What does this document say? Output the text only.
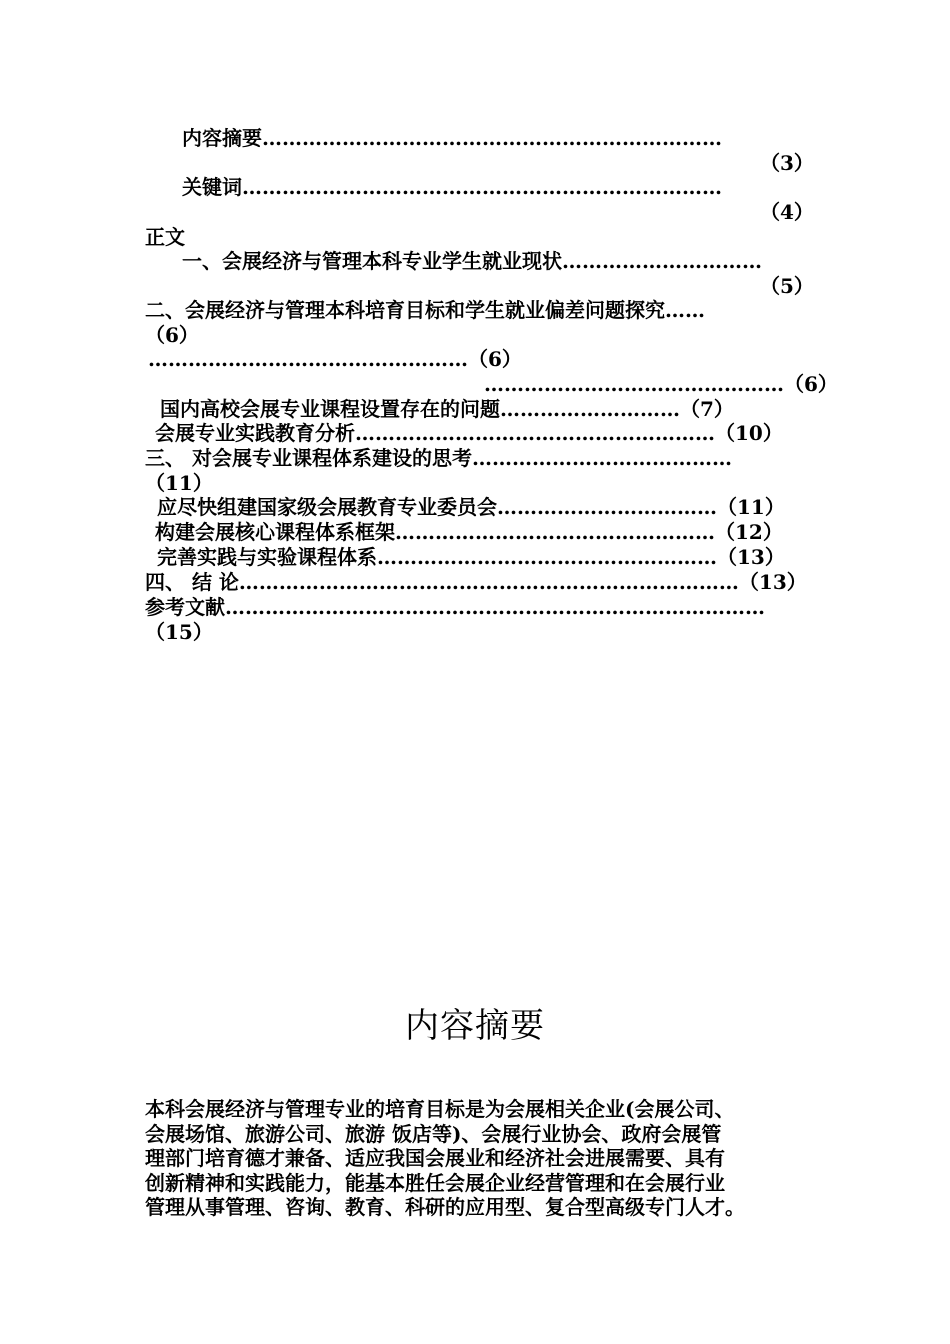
内容摘要……………………………………………………………
（3）
关键词………………………………………………………………
（4）
正文
一、会展经济与管理本科专业学生就业现状…………………………
（5）
二、会展经济与管理本科培育目标和学生就业偏差问题探究……
（6）
…………………………………………（6）
………………………………………（6）
国内高校会展专业课程设置存在的问题………………………（7）
会展专业实践教育分析………………………………………………（10）
三、 对会展专业课程体系建设的思考…………………………………
（11）
应尽快组建国家级会展教育专业委员会……………………………（11）
构建会展核心课程体系框架…………………………………………（12）
完善实践与实验课程体系……………………………………………（13）
四、 结 论…………………………………………………………………（13）
参考文献………………………………………………………………………
（15）
内容摘要
本科会展经济与管理专业的培育目标是为会展相关企业(会展公司、
会展场馆、旅游公司、旅游 饭店等)、会展行业协会、政府会展管
理部门培育德才兼备、适应我国会展业和经济社会进展需要、具有
创新精神和实践能力，能基本胜任会展企业经营管理和在会展行业
管理从事管理、咨询、教育、科研的应用型、复合型高级专门人才。
